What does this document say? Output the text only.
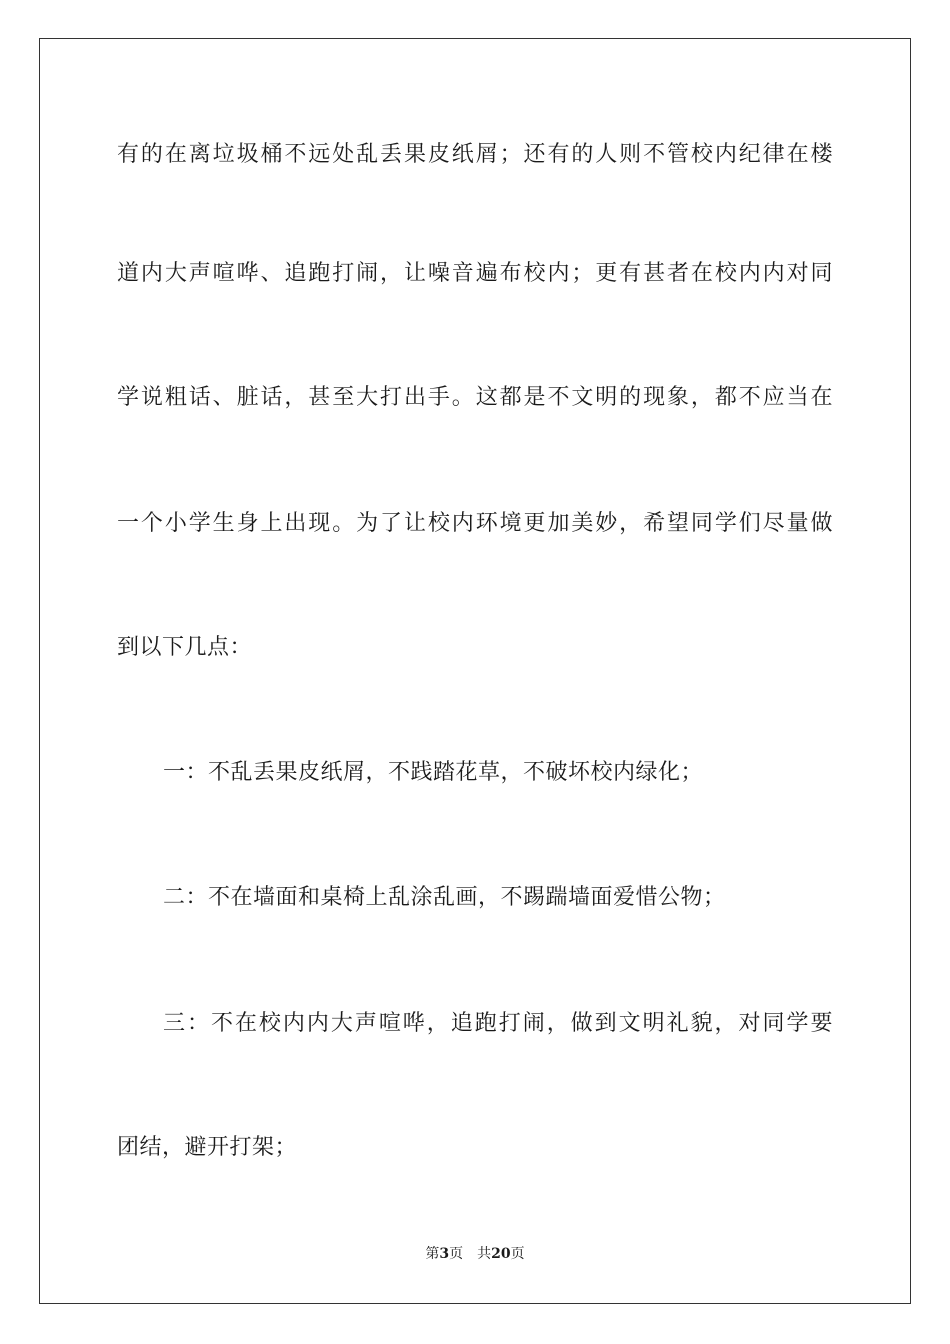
有的在离垃圾桶不远处乱丢果皮纸屑；还有的人则不管校内纪律在楼
道内大声喧哗、追跑打闹，让噪音遍布校内；更有甚者在校内内对同
学说粗话、脏话，甚至大打出手。这都是不文明的现象，都不应当在
一个小学生身上出现。为了让校内环境更加美妙，希望同学们尽量做
到以下几点：
一：不乱丢果皮纸屑，不践踏花草，不破坏校内绿化；
二：不在墙面和桌椅上乱涂乱画，不踢踹墙面爱惜公物；
三：不在校内内大声喧哗，追跑打闹，做到文明礼貌，对同学要
团结，避开打架；
第3页 共20页
